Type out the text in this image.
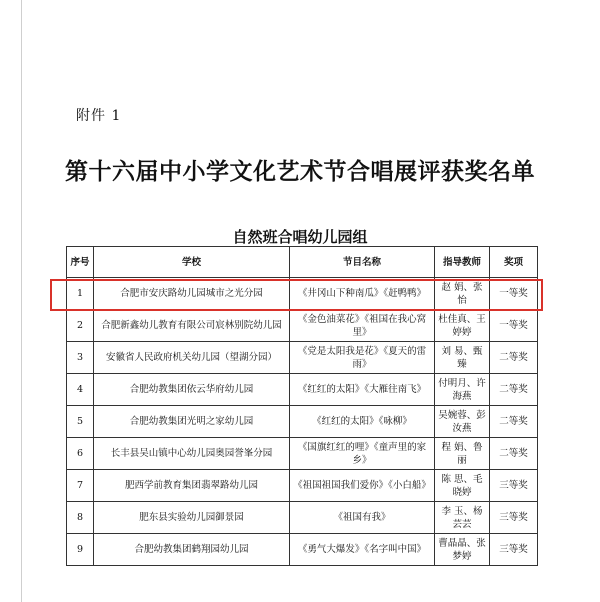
附件 1
第十六届中小学文化艺术节合唱展评获奖名单
自然班合唱幼儿园组
序号	学校	节目名称	指导教师	奖项
1	合肥市安庆路幼儿园城市之光分园	《井冈山下种南瓜》《赶鸭鸭》	赵 娟、张 怡	一等奖
2	合肥新鑫幼儿教育有限公司宸林别院幼儿园	《金色油菜花》《祖国在我心窝里》	杜佳真、王婷婷	一等奖
3	安徽省人民政府机关幼儿园（望湖分园）	《党是太阳我是花》《夏天的雷雨》	刘 易、甄 臻	二等奖
4	合肥幼教集团依云华府幼儿园	《红红的太阳》《大雁往南飞》	付明月、许海燕	二等奖
5	合肥幼教集团光明之家幼儿园	《红红的太阳》《咏柳》	吴婉蓉、彭汝燕	二等奖
6	长丰县吴山镇中心幼儿园奥园誉峯分园	《国旗红红的哩》《童声里的家乡》	程 娟、鲁 丽	二等奖
7	肥西学前教育集团翡翠路幼儿园	《祖国祖国我们爱你》《小白船》	陈 思、毛晓婷	三等奖
8	肥东县实验幼儿园御景园	《祖国有我》	李 玉、杨芸芸	三等奖
9	合肥幼教集团鹤翔园幼儿园	《勇气大爆发》《名字叫中国》	曹晶晶、张梦婷	三等奖
